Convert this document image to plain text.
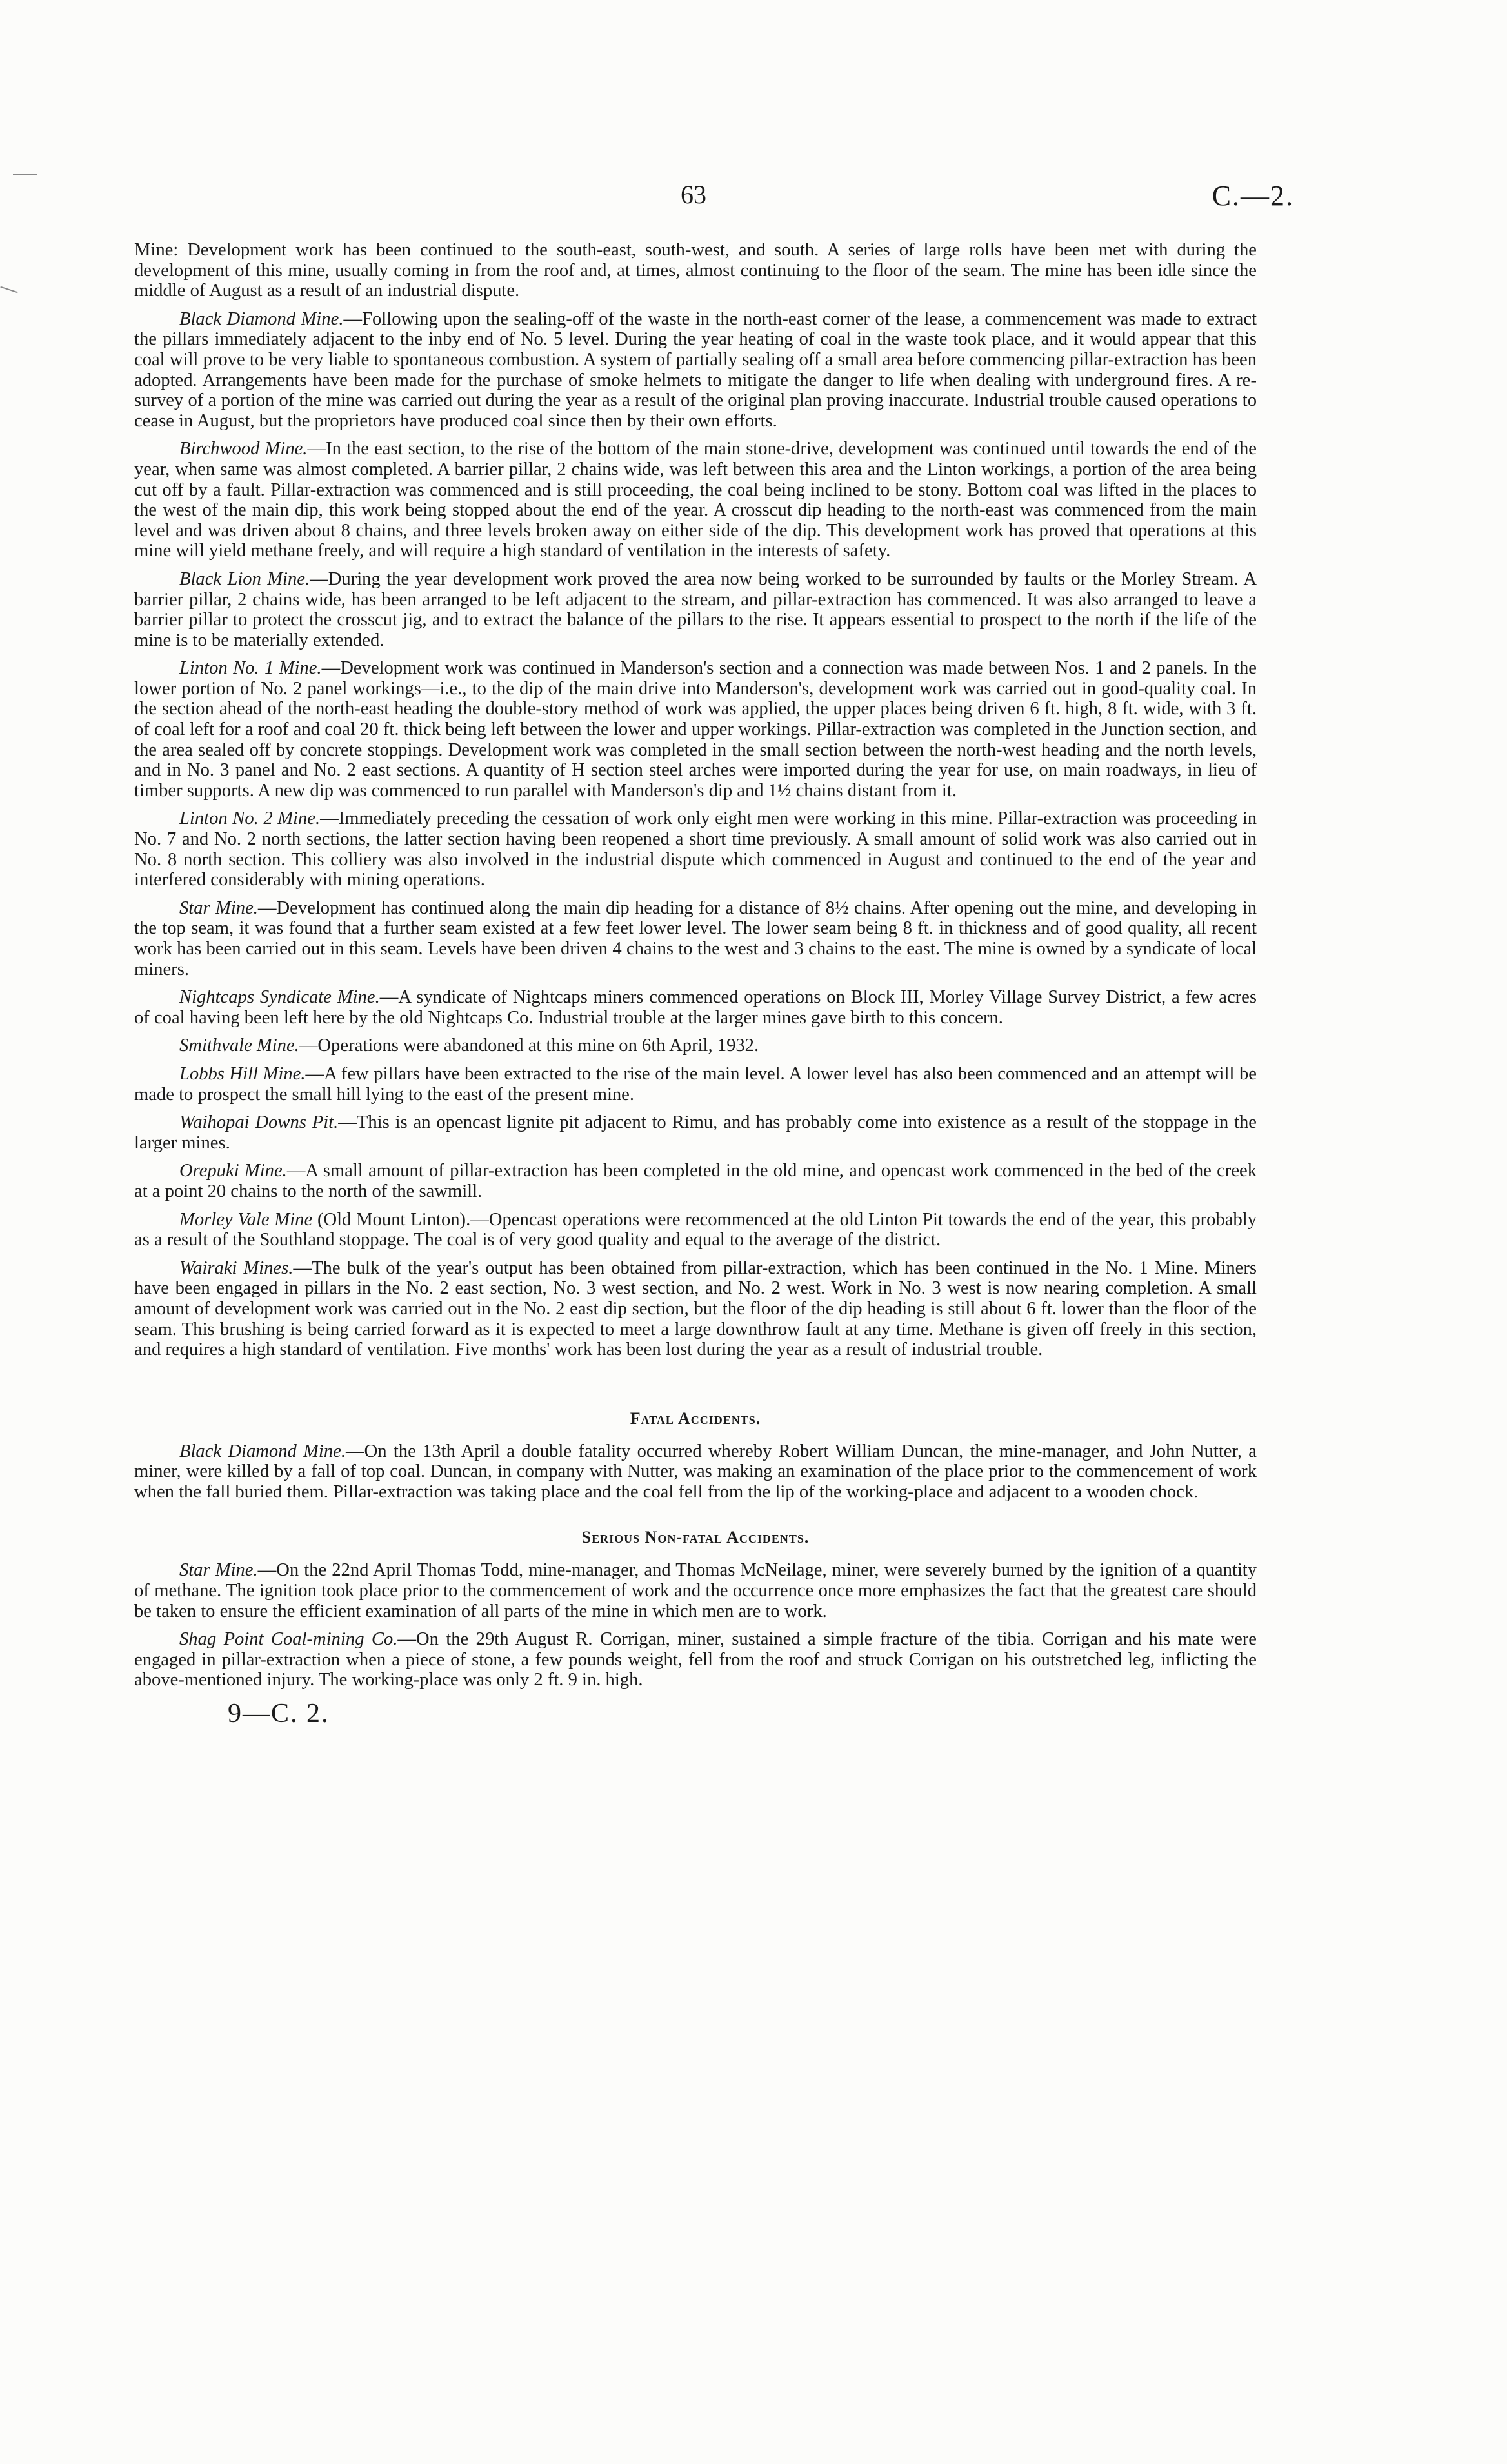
63	C.—2.

Mine: Development work has been continued to the south-east, south-west, and south. A series of large rolls have been met with during the development of this mine, usually coming in from the roof and, at times, almost continuing to the floor of the seam. The mine has been idle since the middle of August as a result of an industrial dispute.

Black Diamond Mine.—Following upon the sealing-off of the waste in the north-east corner of the lease, a commencement was made to extract the pillars immediately adjacent to the inby end of No. 5 level. During the year heating of coal in the waste took place, and it would appear that this coal will prove to be very liable to spontaneous combustion. A system of partially sealing off a small area before commencing pillar-extraction has been adopted. Arrangements have been made for the purchase of smoke helmets to mitigate the danger to life when dealing with underground fires. A re-survey of a portion of the mine was carried out during the year as a result of the original plan proving inaccurate. Industrial trouble caused operations to cease in August, but the proprietors have produced coal since then by their own efforts.

Birchwood Mine.—In the east section, to the rise of the bottom of the main stone-drive, development was continued until towards the end of the year, when same was almost completed. A barrier pillar, 2 chains wide, was left between this area and the Linton workings, a portion of the area being cut off by a fault. Pillar-extraction was commenced and is still proceeding, the coal being inclined to be stony. Bottom coal was lifted in the places to the west of the main dip, this work being stopped about the end of the year. A crosscut dip heading to the north-east was commenced from the main level and was driven about 8 chains, and three levels broken away on either side of the dip. This development work has proved that operations at this mine will yield methane freely, and will require a high standard of ventilation in the interests of safety.

Black Lion Mine.—During the year development work proved the area now being worked to be surrounded by faults or the Morley Stream. A barrier pillar, 2 chains wide, has been arranged to be left adjacent to the stream, and pillar-extraction has commenced. It was also arranged to leave a barrier pillar to protect the crosscut jig, and to extract the balance of the pillars to the rise. It appears essential to prospect to the north if the life of the mine is to be materially extended.

Linton No. 1 Mine.—Development work was continued in Manderson's section and a connection was made between Nos. 1 and 2 panels. In the lower portion of No. 2 panel workings—i.e., to the dip of the main drive into Manderson's, development work was carried out in good-quality coal. In the section ahead of the north-east heading the double-story method of work was applied, the upper places being driven 6 ft. high, 8 ft. wide, with 3 ft. of coal left for a roof and coal 20 ft. thick being left between the lower and upper workings. Pillar-extraction was completed in the Junction section, and the area sealed off by concrete stoppings. Development work was completed in the small section between the north-west heading and the north levels, and in No. 3 panel and No. 2 east sections. A quantity of H section steel arches were imported during the year for use, on main roadways, in lieu of timber supports. A new dip was commenced to run parallel with Manderson's dip and 1½ chains distant from it.

Linton No. 2 Mine.—Immediately preceding the cessation of work only eight men were working in this mine. Pillar-extraction was proceeding in No. 7 and No. 2 north sections, the latter section having been reopened a short time previously. A small amount of solid work was also carried out in No. 8 north section. This colliery was also involved in the industrial dispute which commenced in August and continued to the end of the year and interfered considerably with mining operations.

Star Mine.—Development has continued along the main dip heading for a distance of 8½ chains. After opening out the mine, and developing in the top seam, it was found that a further seam existed at a few feet lower level. The lower seam being 8 ft. in thickness and of good quality, all recent work has been carried out in this seam. Levels have been driven 4 chains to the west and 3 chains to the east. The mine is owned by a syndicate of local miners.

Nightcaps Syndicate Mine.—A syndicate of Nightcaps miners commenced operations on Block III, Morley Village Survey District, a few acres of coal having been left here by the old Nightcaps Co. Industrial trouble at the larger mines gave birth to this concern.

Smithvale Mine.—Operations were abandoned at this mine on 6th April, 1932.

Lobbs Hill Mine.—A few pillars have been extracted to the rise of the main level. A lower level has also been commenced and an attempt will be made to prospect the small hill lying to the east of the present mine.

Waihopai Downs Pit.—This is an opencast lignite pit adjacent to Rimu, and has probably come into existence as a result of the stoppage in the larger mines.

Orepuki Mine.—A small amount of pillar-extraction has been completed in the old mine, and opencast work commenced in the bed of the creek at a point 20 chains to the north of the sawmill.

Morley Vale Mine (Old Mount Linton).—Opencast operations were recommenced at the old Linton Pit towards the end of the year, this probably as a result of the Southland stoppage. The coal is of very good quality and equal to the average of the district.

Wairaki Mines.—The bulk of the year's output has been obtained from pillar-extraction, which has been continued in the No. 1 Mine. Miners have been engaged in pillars in the No. 2 east section, No. 3 west section, and No. 2 west. Work in No. 3 west is now nearing completion. A small amount of development work was carried out in the No. 2 east dip section, but the floor of the dip heading is still about 6 ft. lower than the floor of the seam. This brushing is being carried forward as it is expected to meet a large downthrow fault at any time. Methane is given off freely in this section, and requires a high standard of ventilation. Five months' work has been lost during the year as a result of industrial trouble.

Fatal Accidents.

Black Diamond Mine.—On the 13th April a double fatality occurred whereby Robert William Duncan, the mine-manager, and John Nutter, a miner, were killed by a fall of top coal. Duncan, in company with Nutter, was making an examination of the place prior to the commencement of work when the fall buried them. Pillar-extraction was taking place and the coal fell from the lip of the working-place and adjacent to a wooden chock.

Serious Non-fatal Accidents.

Star Mine.—On the 22nd April Thomas Todd, mine-manager, and Thomas McNeilage, miner, were severely burned by the ignition of a quantity of methane. The ignition took place prior to the commencement of work and the occurrence once more emphasizes the fact that the greatest care should be taken to ensure the efficient examination of all parts of the mine in which men are to work.

Shag Point Coal-mining Co.—On the 29th August R. Corrigan, miner, sustained a simple fracture of the tibia. Corrigan and his mate were engaged in pillar-extraction when a piece of stone, a few pounds weight, fell from the roof and struck Corrigan on his outstretched leg, inflicting the above-mentioned injury. The working-place was only 2 ft. 9 in. high.

9—C. 2.
